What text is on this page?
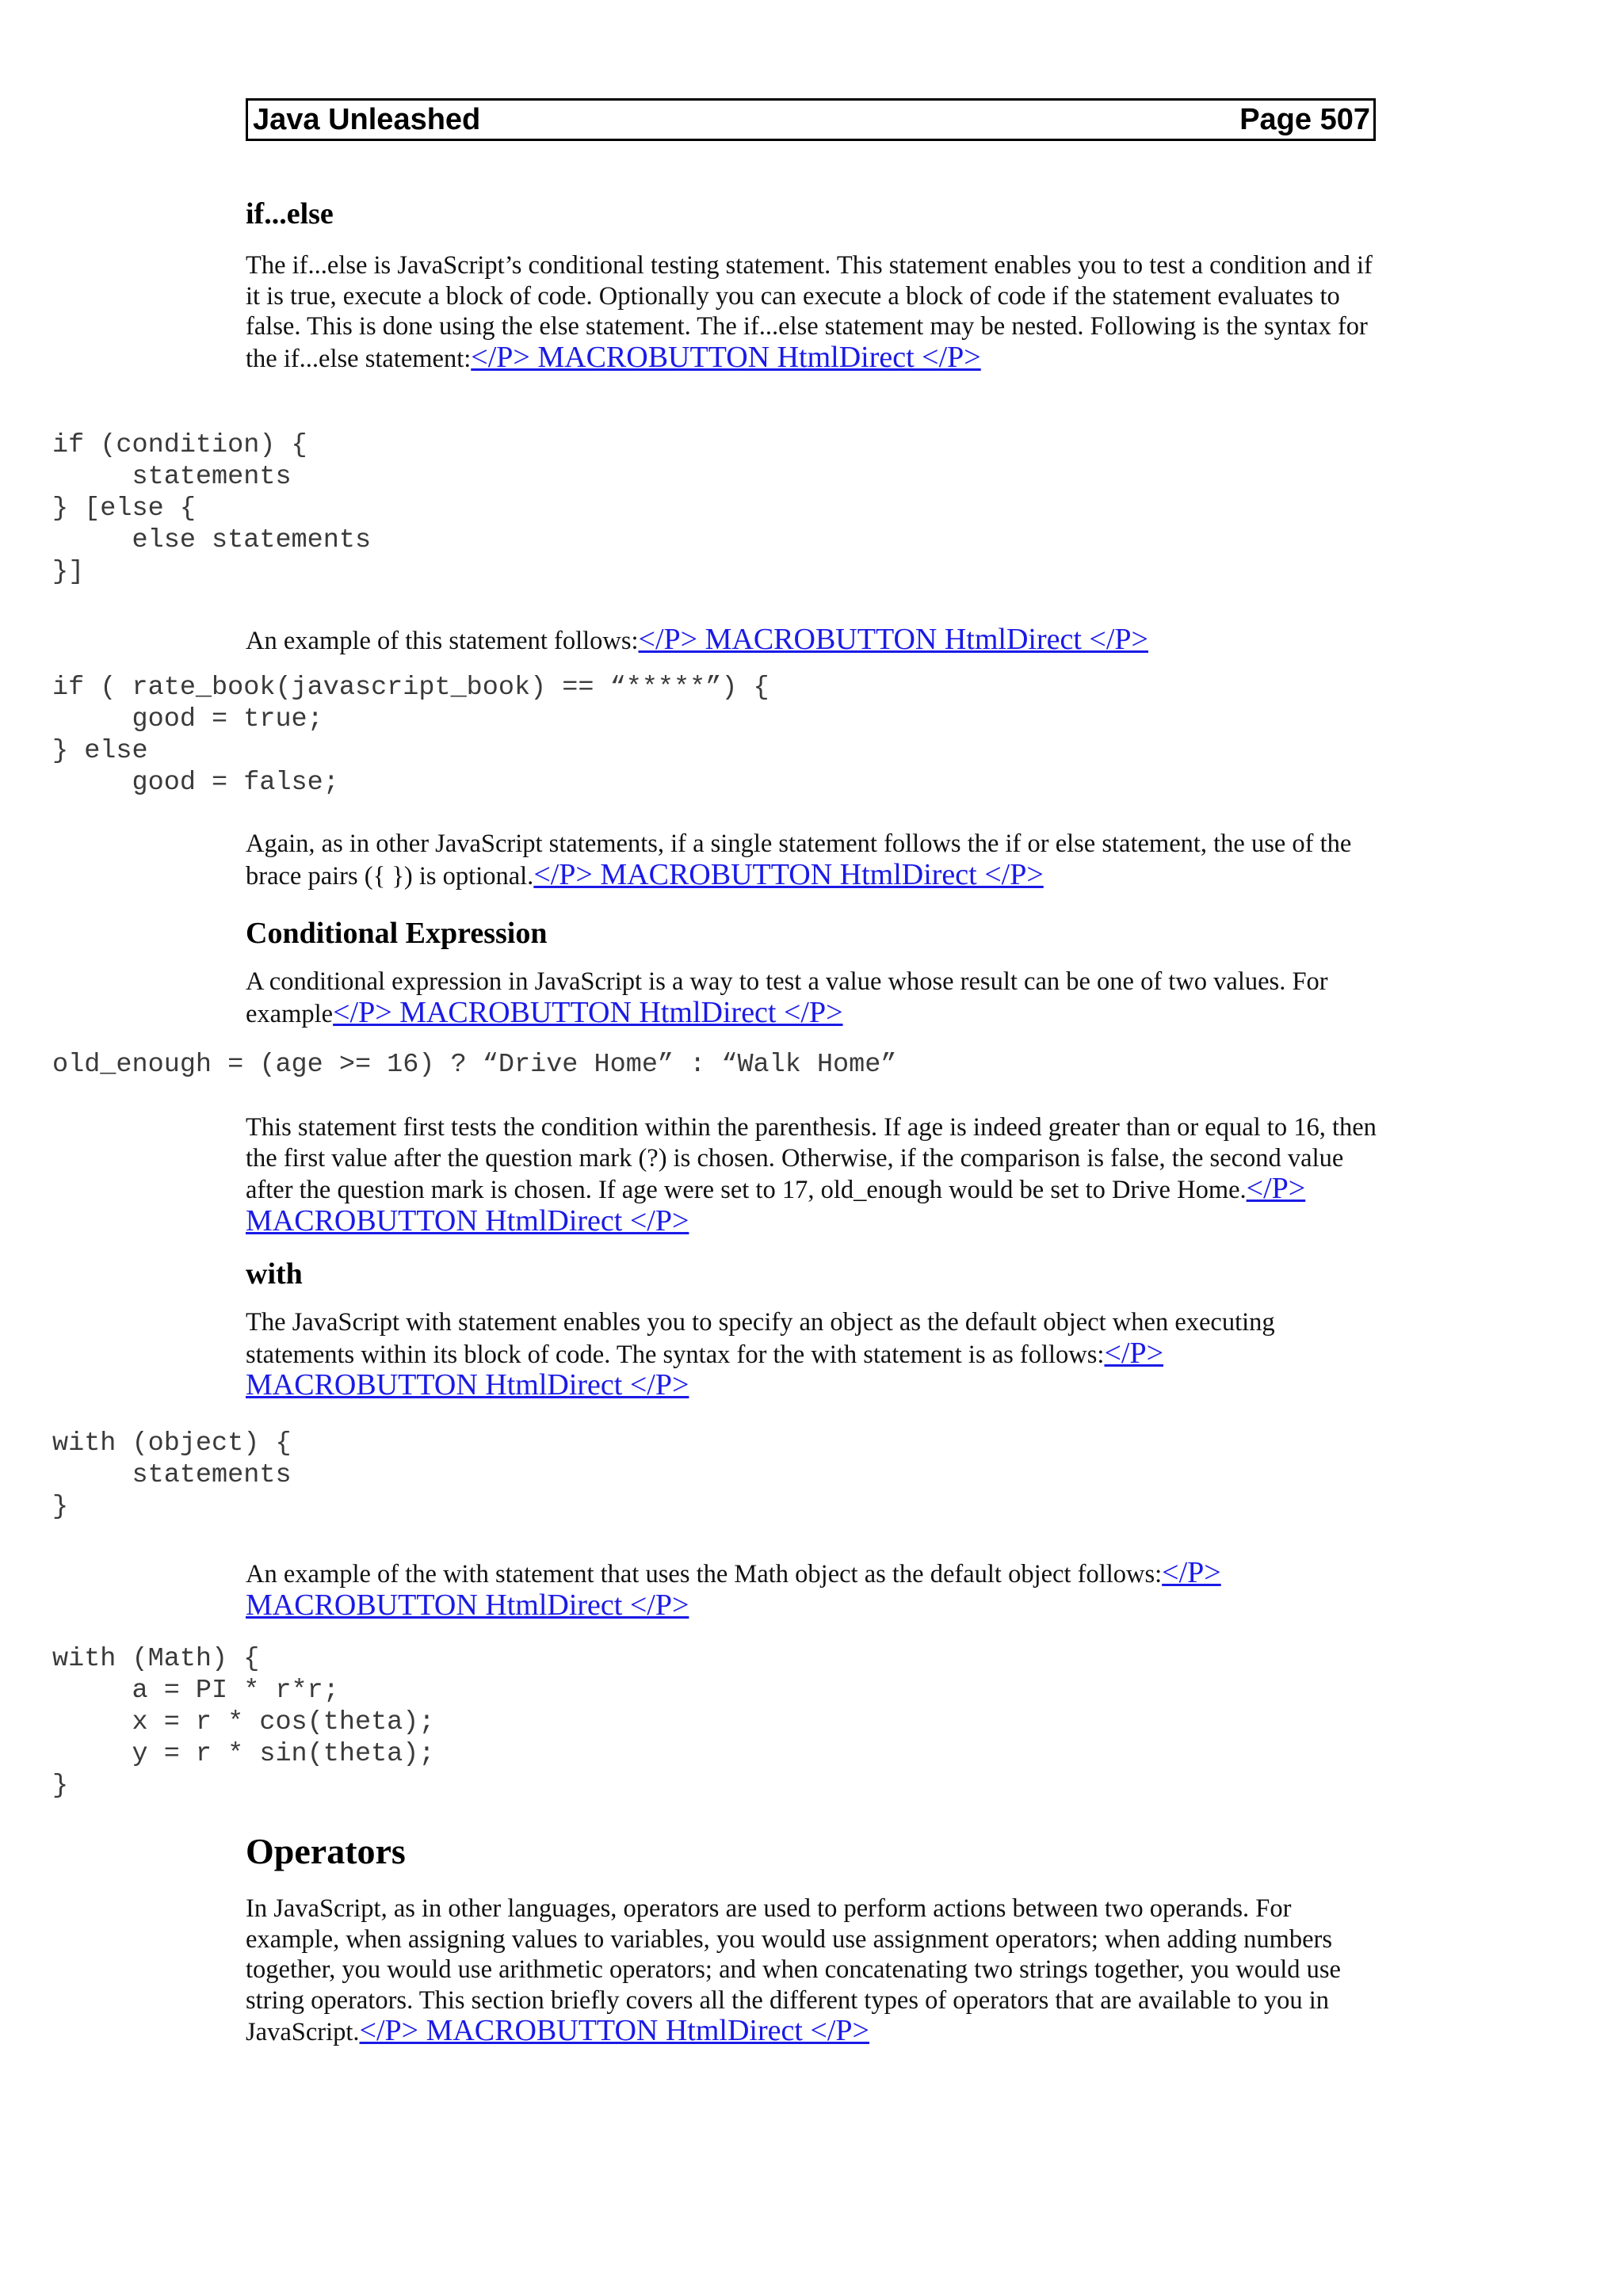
Java Unleashed	Page 507
if...else
The if...else is JavaScript’s conditional testing statement. This statement enables you to test a condition and if it is true, execute a block of code. Optionally you can execute a block of code if the statement evaluates to false. This is done using the else statement. The if...else statement may be nested. Following is the syntax for the if...else statement:</P> MACROBUTTON HtmlDirect </P>
if (condition) {
statements
} [else {
else statements
}]
An example of this statement follows:</P> MACROBUTTON HtmlDirect </P>
if ( rate_book(javascript_book) == “*****”) {
good = true;
} else
good = false;
Again, as in other JavaScript statements, if a single statement follows the if or else statement, the use of the brace pairs ({ }) is optional.</P> MACROBUTTON HtmlDirect </P>
Conditional Expression
A conditional expression in JavaScript is a way to test a value whose result can be one of two values. For example</P> MACROBUTTON HtmlDirect </P>
old_enough = (age >= 16) ? “Drive Home” : “Walk Home”
This statement first tests the condition within the parenthesis. If age is indeed greater than or equal to 16, then the first value after the question mark (?) is chosen. Otherwise, if the comparison is false, the second value after the question mark is chosen. If age were set to 17, old_enough would be set to Drive Home.</P> MACROBUTTON HtmlDirect </P>
with
The JavaScript with statement enables you to specify an object as the default object when executing statements within its block of code. The syntax for the with statement is as follows:</P> MACROBUTTON HtmlDirect </P>
with (object) {
statements
}
An example of the with statement that uses the Math object as the default object follows:</P> MACROBUTTON HtmlDirect </P>
with (Math) {
a = PI * r*r;
x = r * cos(theta);
y = r * sin(theta);
}
Operators
In JavaScript, as in other languages, operators are used to perform actions between two operands. For example, when assigning values to variables, you would use assignment operators; when adding numbers together, you would use arithmetic operators; and when concatenating two strings together, you would use string operators. This section briefly covers all the different types of operators that are available to you in JavaScript.</P> MACROBUTTON HtmlDirect </P>
